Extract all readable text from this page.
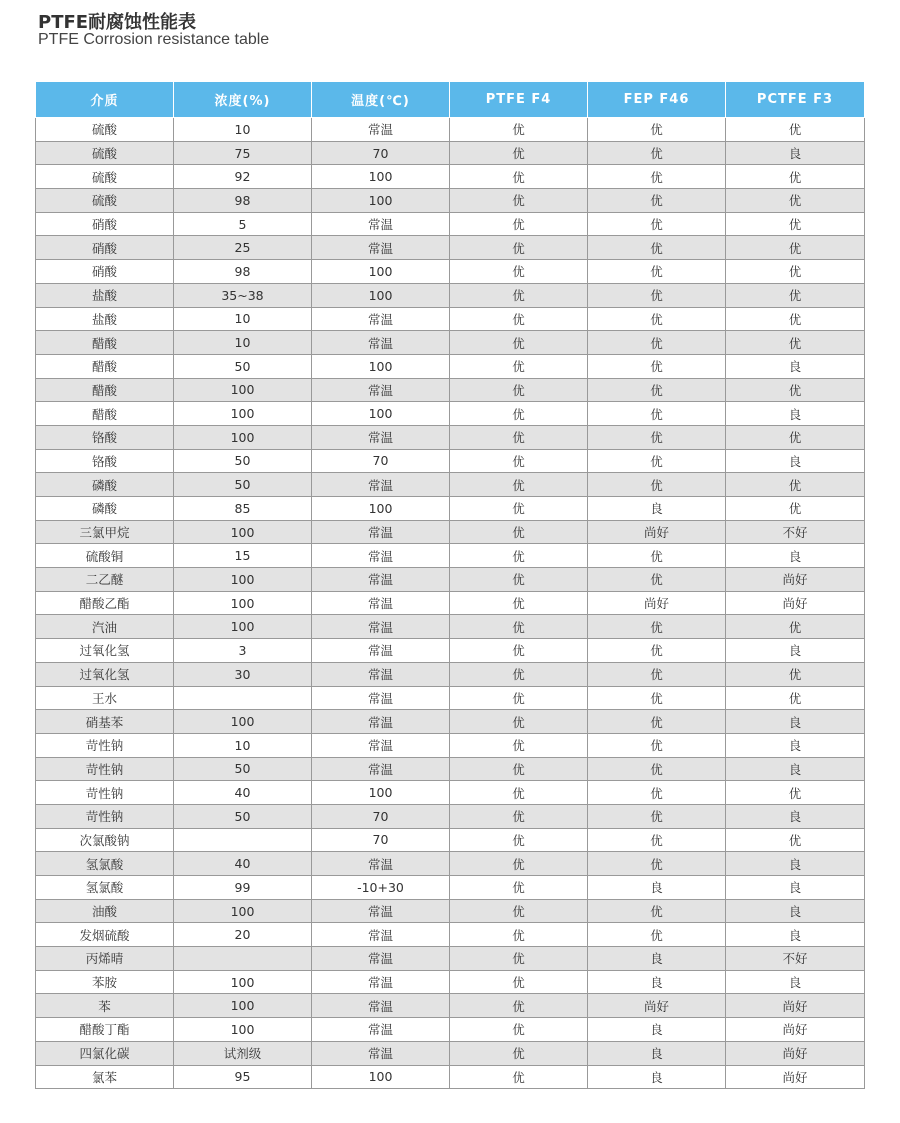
PTFE耐腐蚀性能表
PTFE Corrosion resistance table
介质	浓度(%)	温度(℃)	PTFE F4	FEP F46	PCTFE F3
硫酸	10	常温	优	优	优
硫酸	75	70	优	优	良
硫酸	92	100	优	优	优
硫酸	98	100	优	优	优
硝酸	5	常温	优	优	优
硝酸	25	常温	优	优	优
硝酸	98	100	优	优	优
盐酸	35~38	100	优	优	优
盐酸	10	常温	优	优	优
醋酸	10	常温	优	优	优
醋酸	50	100	优	优	良
醋酸	100	常温	优	优	优
醋酸	100	100	优	优	良
铬酸	100	常温	优	优	优
铬酸	50	70	优	优	良
磷酸	50	常温	优	优	优
磷酸	85	100	优	良	优
三氯甲烷	100	常温	优	尚好	不好
硫酸铜	15	常温	优	优	良
二乙醚	100	常温	优	优	尚好
醋酸乙酯	100	常温	优	尚好	尚好
汽油	100	常温	优	优	优
过氧化氢	3	常温	优	优	良
过氧化氢	30	常温	优	优	优
王水		常温	优	优	优
硝基苯	100	常温	优	优	良
苛性钠	10	常温	优	优	良
苛性钠	50	常温	优	优	良
苛性钠	40	100	优	优	优
苛性钠	50	70	优	优	良
次氯酸钠		70	优	优	优
氢氯酸	40	常温	优	优	良
氢氯酸	99	-10+30	优	良	良
油酸	100	常温	优	优	良
发烟硫酸	20	常温	优	优	良
丙烯晴		常温	优	良	不好
苯胺	100	常温	优	良	良
苯	100	常温	优	尚好	尚好
醋酸丁酯	100	常温	优	良	尚好
四氯化碳	试剂级	常温	优	良	尚好
氯苯	95	100	优	良	尚好
